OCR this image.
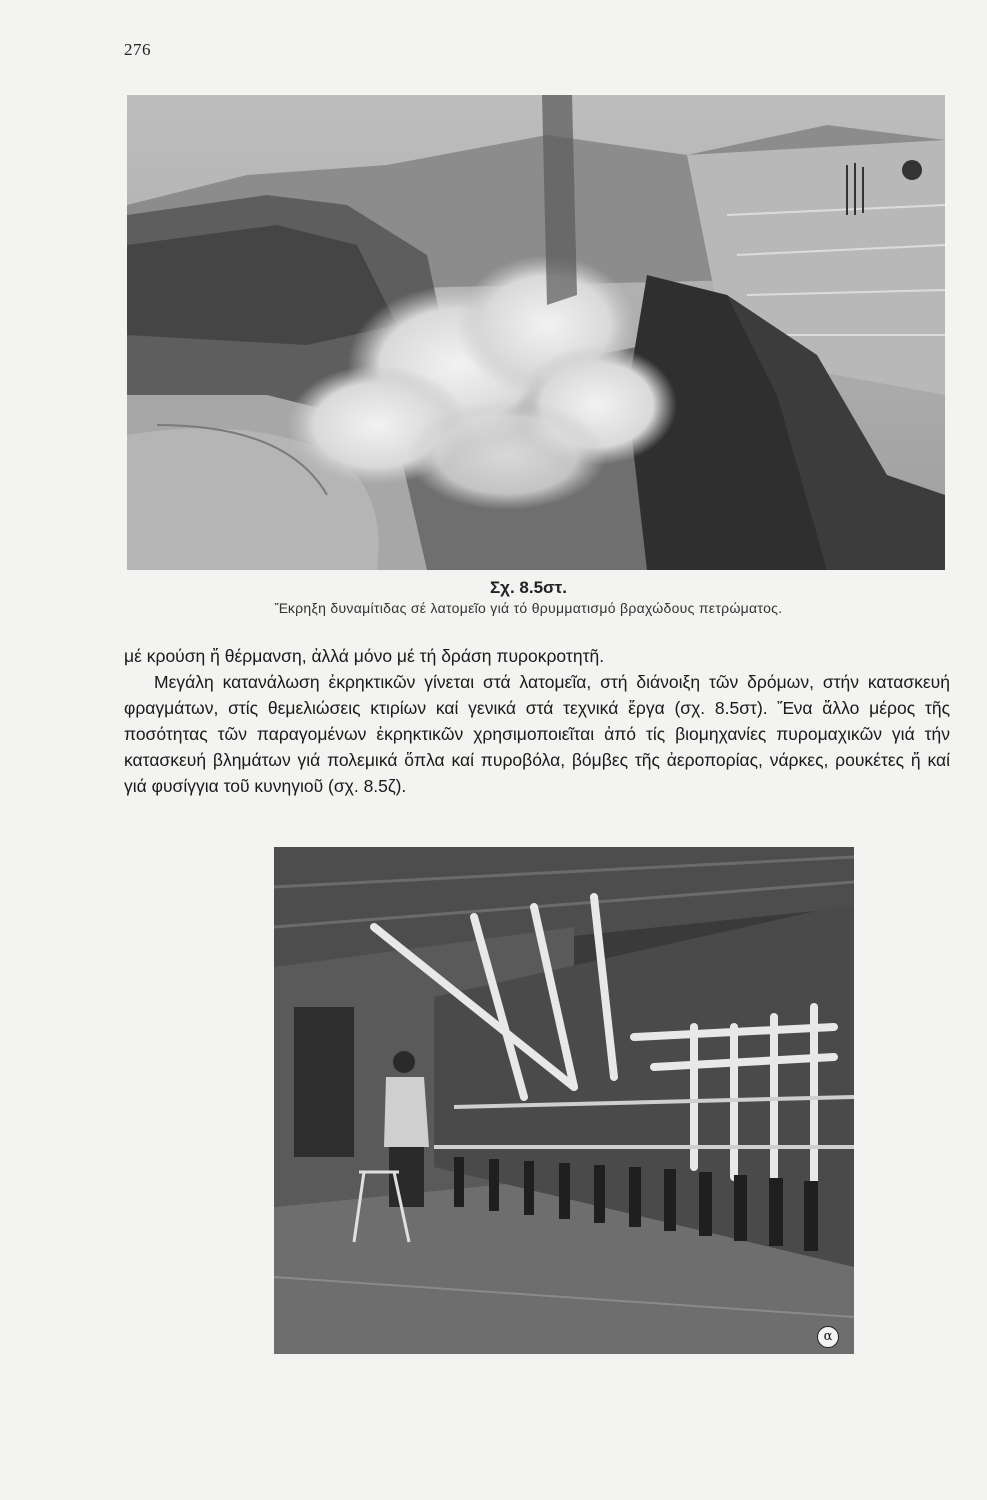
276
Σχ. 8.5στ.
Ἔκρηξη δυναμίτιδας σέ λατομεῖο γιά τό θρυμματισμό βραχώδους πετρώματος.

μέ κρούση ἤ θέρμανση, ἀλλά μόνο μέ τή δράση πυροκροτητῆ.

Μεγάλη κατανάλωση ἐκρηκτικῶν γίνεται στά λατομεῖα, στή διάνοιξη τῶν δρόμων, στήν κατασκευή φραγμάτων, στίς θεμελιώσεις κτιρίων καί γενικά στά τεχνικά ἔργα (σχ. 8.5στ). Ἕνα ἄλλο μέρος τῆς ποσότητας τῶν παραγομένων ἐκρηκτικῶν χρησιμοποιεῖται ἀπό τίς βιομηχανίες πυρομαχικῶν γιά τήν κατασκευή βλημάτων γιά πολεμικά ὅπλα καί πυροβόλα, βόμβες τῆς ἀεροπορίας, νάρκες, ρουκέτες ἤ καί γιά φυσίγγια τοῦ κυνηγιοῦ (σχ. 8.5ζ).

α
